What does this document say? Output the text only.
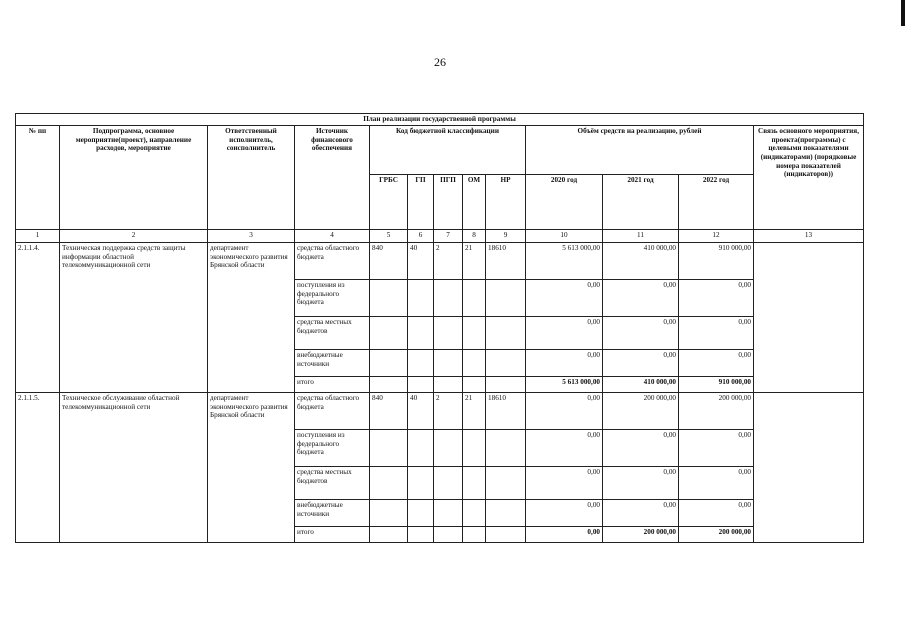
26
План реализации государственной программы												
№ пп	Подпрограмма, основное мероприятие(проект), направление расходов, мероприятие	Ответственный исполнитель, соисполнитель	Источник финансового обеспечения	Код бюджетной классификации					Объём средств на реализацию, рублей			Связь основного мероприятия, проекта(программы) с целевыми показателями (индикаторами) (порядковые номера показателей (индикаторов))
				ГРБС	ГП	ПГП	ОМ	НР	2020 год	2021 год	2022 год	
1	2	3	4	5	6	7	8	9	10	11	12	13
2.1.1.4.	Техническая поддержка средств защиты информации областной телекоммуникационной сети	департамент экономического развития Брянской области	средства областного бюджета	840	40	2	21	18610	5 613 000,00	410 000,00	910 000,00	
			поступления из федерального бюджета						0,00	0,00	0,00	
			средства местных бюджетов						0,00	0,00	0,00	
			внебюджетные источники						0,00	0,00	0,00	
			итого						5 613 000,00	410 000,00	910 000,00	
2.1.1.5.	Техническое обслуживание областной телекоммуникационной сети	департамент экономического развития Брянской области	средства областного бюджета	840	40	2	21	18610	0,00	200 000,00	200 000,00	
			поступления из федерального бюджета						0,00	0,00	0,00	
			средства местных бюджетов						0,00	0,00	0,00	
			внебюджетные источники						0,00	0,00	0,00	
			итого						0,00	200 000,00	200 000,00	
